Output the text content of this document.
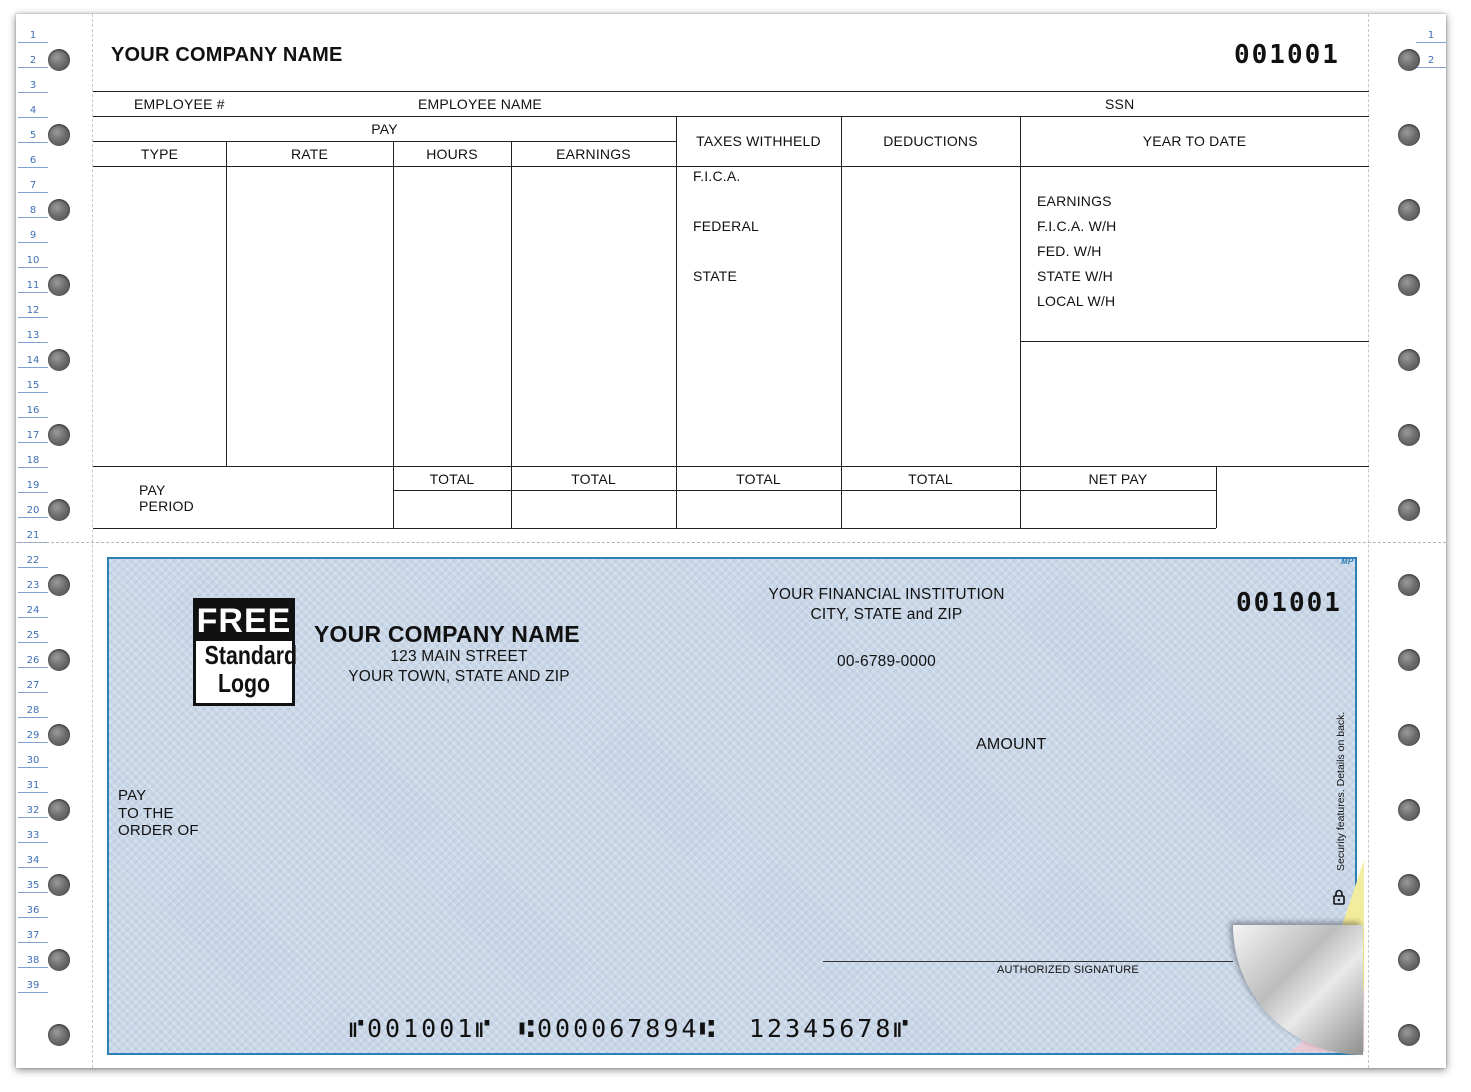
1
2
3
4
5
6
7
8
9
10
11
12
13
14
15
16
17
18
19
20
21
22
23
24
25
26
27
28
29
30
31
32
33
34
35
36
37
38
39
1
2
YOUR COMPANY NAME	001001
EMPLOYEE #	EMPLOYEE NAME	SSN
PAY
TYPE	RATE	HOURS	EARNINGS
TAXES WITHHELD	DEDUCTIONS	YEAR TO DATE
F.I.C.A.
FEDERAL
STATE
EARNINGS
F.I.C.A. W/H
FED. W/H
STATE W/H
LOCAL W/H
PAY
PERIOD
TOTAL	TOTAL	TOTAL	TOTAL	NET PAY
FREE
Standard
Logo
YOUR COMPANY NAME
123 MAIN STREET
YOUR TOWN, STATE AND ZIP
YOUR FINANCIAL INSTITUTION
CITY, STATE and ZIP
00-6789-0000
001001
MP
AMOUNT
PAY
TO THE
ORDER OF	Security features. Details on back.
AUTHORIZED SIGNATURE
⑈001001⑈ ⑆000067894⑆ 12345678⑈
